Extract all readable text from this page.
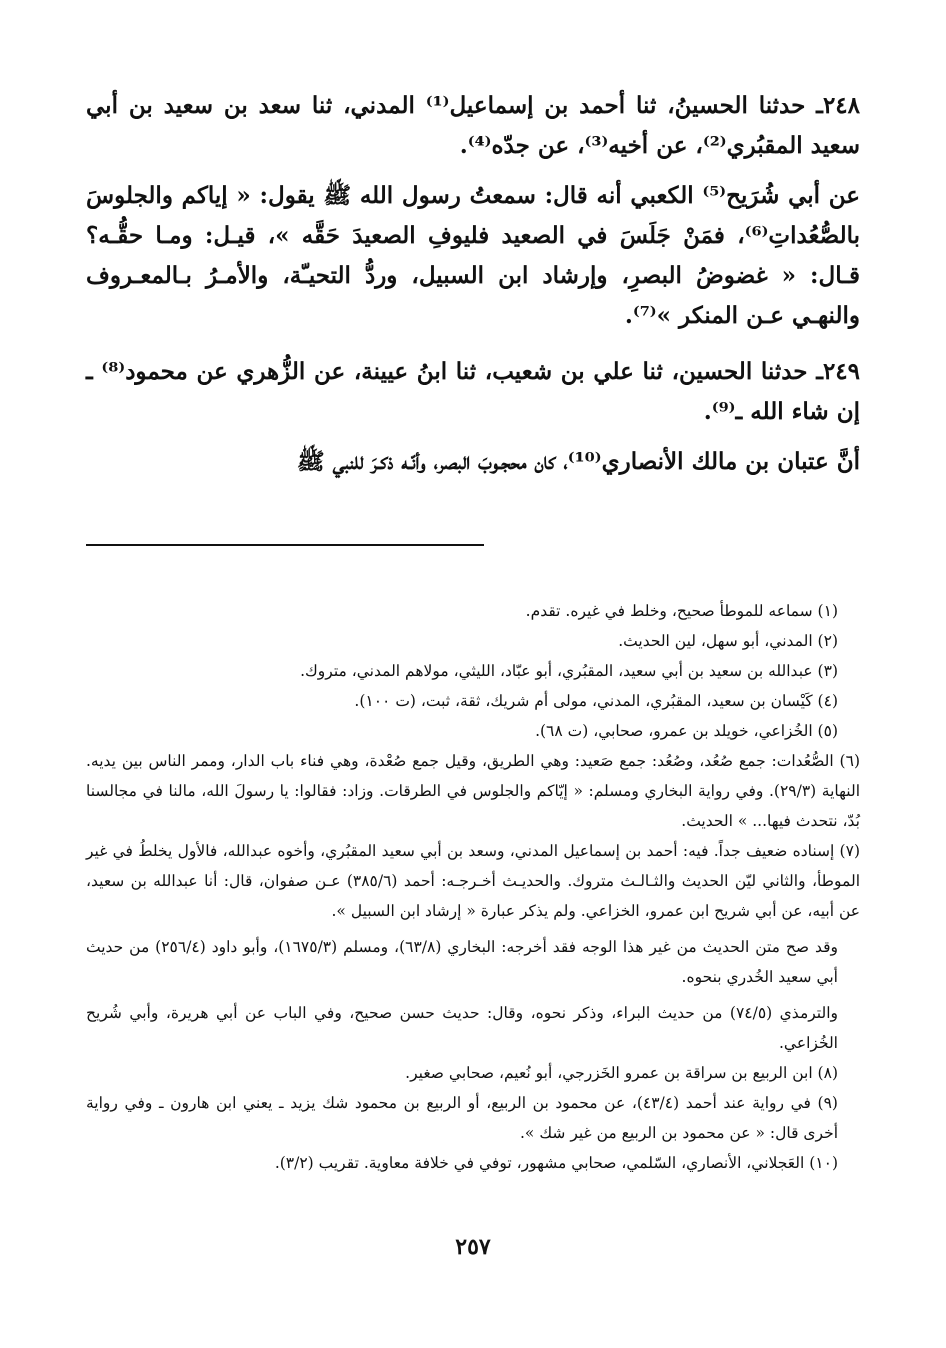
٢٤٨ـ حدثنا الحسينُ، ثنا أحمد بن إسماعيل⁽¹⁾ المدني، ثنا سعد بن سعيد بن أبي سعيد المقبُري⁽²⁾، عن أخيه⁽³⁾، عن جدّه⁽⁴⁾.

عن أبي شُرَيح⁽⁵⁾ الكعبي أنه قال: سمعتُ رسول الله ﷺ يقول: « إياكم والجلوسَ بالصُّعُداتِ⁽⁶⁾، فمَنْ جَلَسَ في الصعيد فليوفِ الصعيدَ حَقَّه »، قيـل: ومـا حقُّـه؟ قـال: « غضوضُ البصرِ، وإرشاد ابن السبيل، وردُّ التحيـّة، والأمـرُ بـالمعـروف والنهـي عـن المنكر »⁽⁷⁾.

٢٤٩ـ حدثنا الحسين، ثنا علي بن شعيب، ثنا ابنُ عيينة، عن الزُّهري عن محمود⁽⁸⁾ ـ إن شاء الله ـ⁽⁹⁾.

أنَّ عتبان بن مالك الأنصاري⁽¹⁰⁾، كان محجـوبَ البصر، وأنّـه ذكـرَ للنبي ﷺ

(١) سماعه للموطأ صحيح، وخلط في غيره. تقدم.

(٢) المدني، أبو سهل، لين الحديث.

(٣) عبدالله بن سعيد بن أبي سعيد، المقبُري، أبو عبّاد، الليثي، مولاهم المدني، متروك.

(٤) كَيْسان بن سعيد، المقبُري، المدني، مولى أم شريك، ثقة، ثبت، (ت ١٠٠).

(٥) الخُزاعي، خويلد بن عمرو، صحابي، (ت ٦٨).

(٦) الصُّعُدات: جمع صُعُد، وصُعُد: جمع صَعيد: وهي الطريق، وقيل جمع صُعْدة، وهي فناء باب الدار، وممر الناس بين يديه. النهاية (٢٩/٣). وفي رواية البخاري ومسلم: « إيّاكم والجلوس في الطرقات. وزاد: فقالوا: يا رسولَ الله، مالنا في مجالسنا بُدّ، نتحدث فيها... » الحديث.

(٧) إسناده ضعيف جداً. فيه: أحمد بن إسماعيل المدني، وسعد بن أبي سعيد المقبُري، وأخوه عبدالله، فالأول يخلطُ في غير الموطأ، والثاني ليّن الحديث والثـالـث متروك. والحديـث أخـرجـه: أحمد (٣٨٥/٦) عـن صفوان، قال: أنا عبدالله بن سعيد، عن أبيه، عن أبي شريح ابن عمرو، الخزاعي. ولم يذكر عبارة « إرشاد ابن السبيل ».

وقد صح متن الحديث من غير هذا الوجه فقد أخرجه: البخاري (٦٣/٨)، ومسلم (١٦٧٥/٣)، وأبو داود (٢٥٦/٤) من حديث أبي سعيد الخُدري بنحوه.

والترمذي (٧٤/٥) من حديث البراء، وذكر نحوه، وقال: حديث حسن صحيح، وفي الباب عن أبي هريرة، وأبي شُريح الخُزاعي.

(٨) ابن الربيع بن سراقة بن عمرو الخَزرجي، أبو نُعيم، صحابي صغير.

(٩) في رواية عند أحمد (٤٣/٤)، عن محمود بن الربيع، أو الربيع بن محمود شك يزيد ـ يعني ابن هارون ـ وفي رواية أخرى قال: « عن محمود بن الربيع من غير شك ».

(١٠) العَجلاني، الأنصاري، السّلمي، صحابي مشهور، توفي في خلافة معاوية. تقريب (٣/٢).

٢٥٧
